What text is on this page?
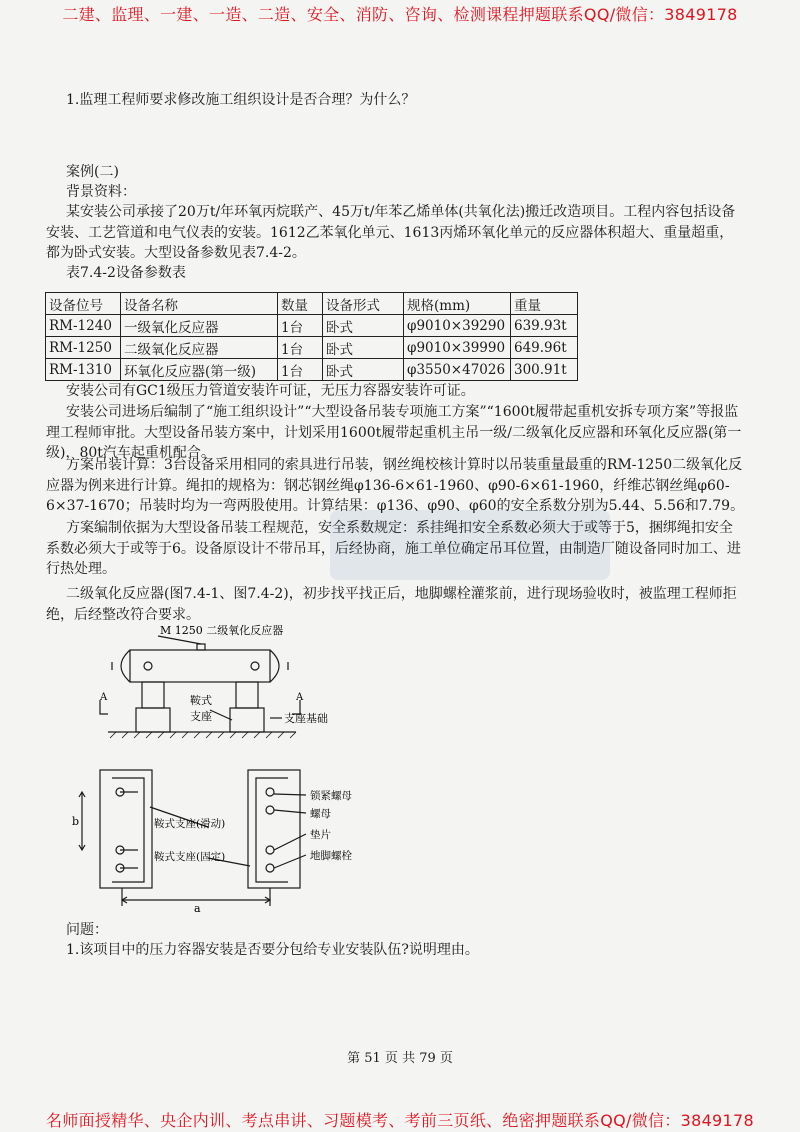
二建、监理、一建、一造、二造、安全、消防、咨询、检测课程押题联系QQ/微信：3849178
1.监理工程师要求修改施工组织设计是否合理？为什么？
案例(二)
背景资料：
某安装公司承接了20万t/年环氧丙烷联产、45万t/年苯乙烯单体(共氧化法)搬迁改造项目。工程内容包括设备安装、工艺管道和电气仪表的安装。1612乙苯氧化单元、1613丙烯环氧化单元的反应器体积超大、重量超重，都为卧式安装。大型设备参数见表7.4-2。
表7.4-2设备参数表
设备位号	设备名称	数量	设备形式	规格(mm)	重量
RM-1240	一级氧化反应器	1台	卧式	φ9010×39290	639.93t
RM-1250	二级氧化反应器	1台	卧式	φ9010×39990	649.96t
RM-1310	环氧化反应器(第一级)	1台	卧式	φ3550×47026	300.91t
安装公司有GC1级压力管道安装许可证，无压力容器安装许可证。
安装公司进场后编制了“施工组织设计”“大型设备吊装专项施工方案”“1600t履带起重机安拆专项方案”等报监理工程师审批。大型设备吊装方案中，计划采用1600t履带起重机主吊一级/二级氧化反应器和环氧化反应器(第一级)，80t汽车起重机配合。
方案吊装计算：3台设备采用相同的索具进行吊装，钢丝绳校核计算时以吊装重量最重的RM-1250二级氧化反应器为例来进行计算。绳扣的规格为：钢芯钢丝绳φ136-6×61-1960、φ90-6×61-1960，纤维芯钢丝绳φ60-6×37-1670；吊装时均为一弯两股使用。计算结果：φ136、φ90、φ60的安全系数分别为5.44、5.56和7.79。
方案编制依据为大型设备吊装工程规范，安全系数规定：系挂绳扣安全系数必须大于或等于5，捆绑绳扣安全系数必须大于或等于6。设备原设计不带吊耳，后经协商，施工单位确定吊耳位置，由制造厂随设备同时加工、进行热处理。
二级氧化反应器(图7.4-1、图7.4-2)，初步找平找正后，地脚螺栓灌浆前，进行现场验收时，被监理工程师拒绝，后经整改符合要求。
M 1250 二级氧化反应器
A	A
鞍式
支座	支座基础
鞍式支座(滑动)
鞍式支座(固定)
锁紧螺母
螺母
垫片
地脚螺栓
b
a
问题：
1.该项目中的压力容器安装是否要分包给专业安装队伍?说明理由。
第 51 页 共 79 页
名师面授精华、央企内训、考点串讲、习题模考、考前三页纸、绝密押题联系QQ/微信：3849178
